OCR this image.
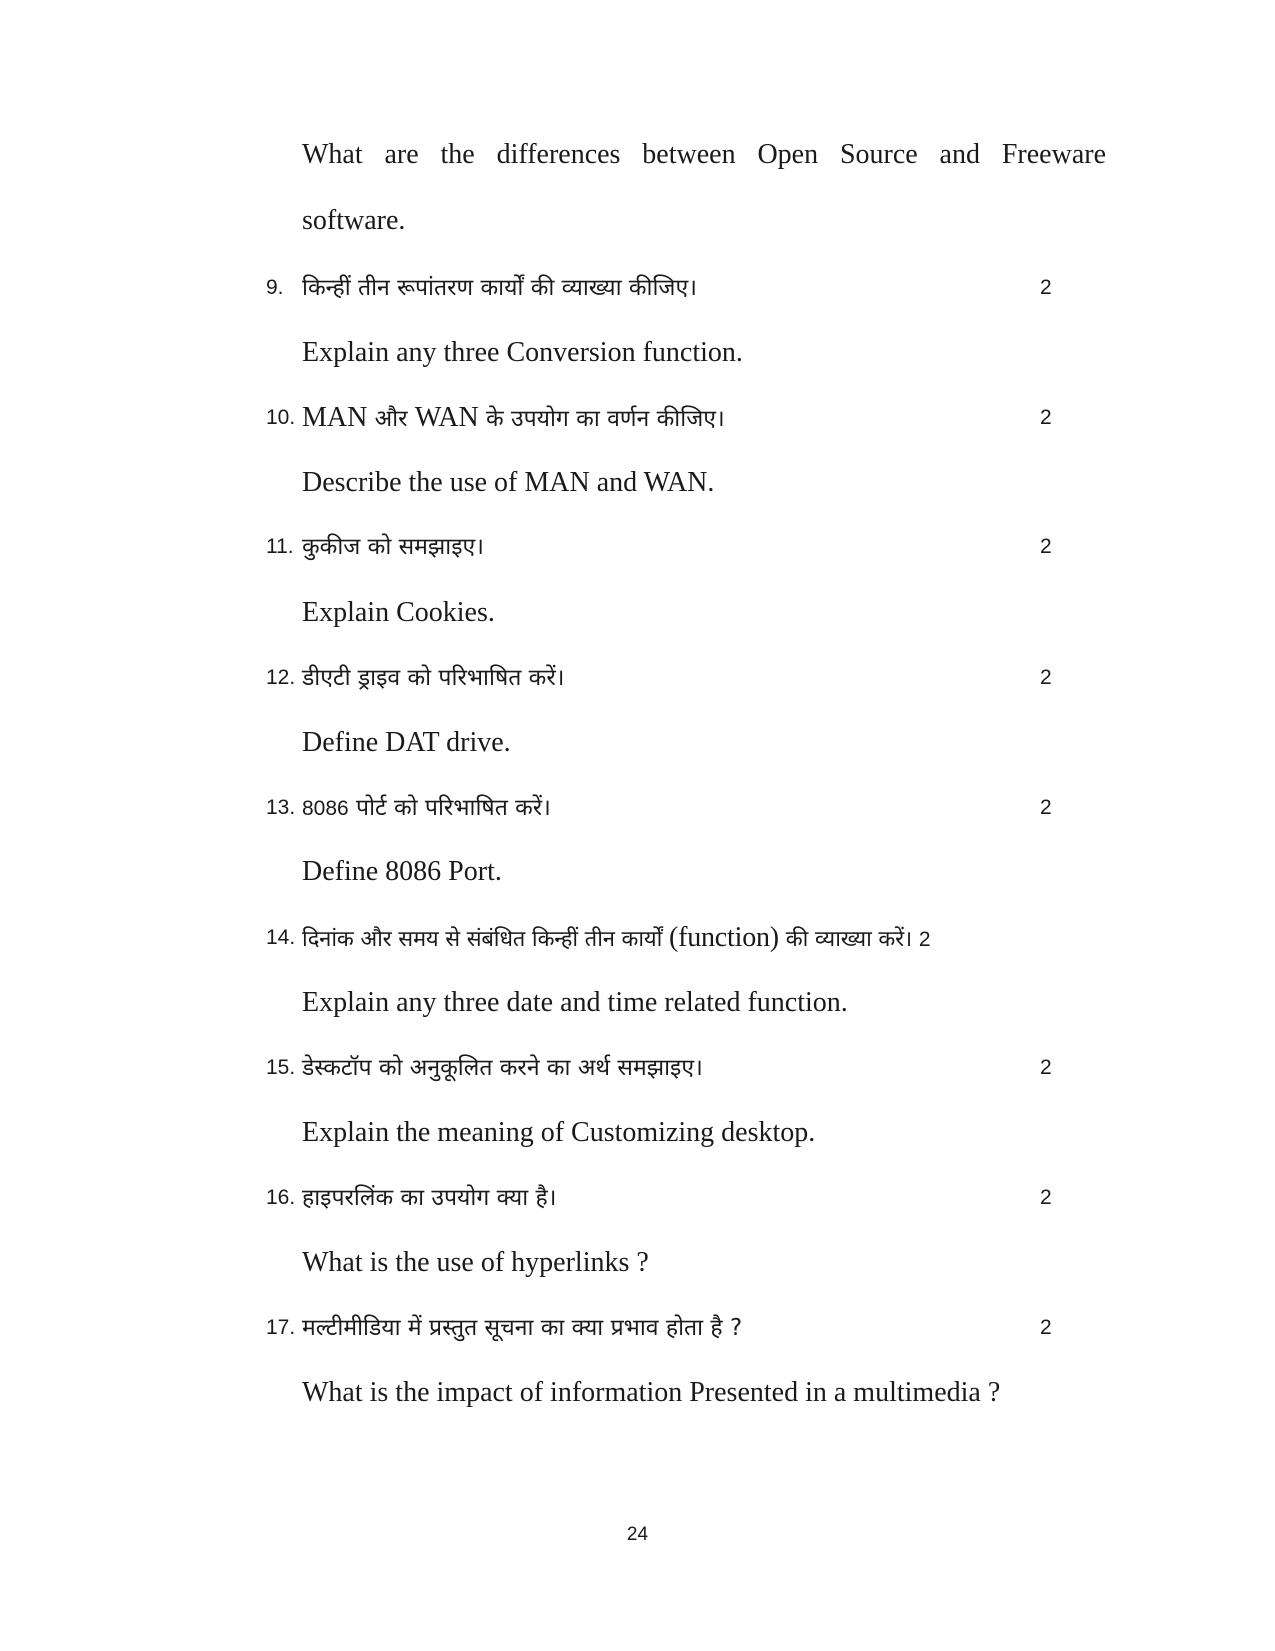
What are the differences between Open Source and Freeware
software.
9. किन्हीं तीन रूपांतरण कार्यों की व्याख्या कीजिए।	2
Explain any three Conversion function.
10. MAN और WAN के उपयोग का वर्णन कीजिए।	2
Describe the use of MAN and WAN.
11. कुकीज को समझाइए।	2
Explain Cookies.
12. डीएटी ड्राइव को परिभाषित करें।	2
Define DAT drive.
13. 8086 पोर्ट को परिभाषित करें।	2
Define 8086 Port.
14. दिनांक और समय से संबंधित किन्हीं तीन कार्यों (function) की व्याख्या करें। 2
Explain any three date and time related function.
15. डेस्कटॉप को अनुकूलित करने का अर्थ समझाइए।	2
Explain the meaning of Customizing desktop.
16. हाइपरलिंक का उपयोग क्या है।	2
What is the use of hyperlinks ?
17. मल्टीमीडिया में प्रस्तुत सूचना का क्या प्रभाव होता है ?	2
What is the impact of information Presented in a multimedia ?
24
